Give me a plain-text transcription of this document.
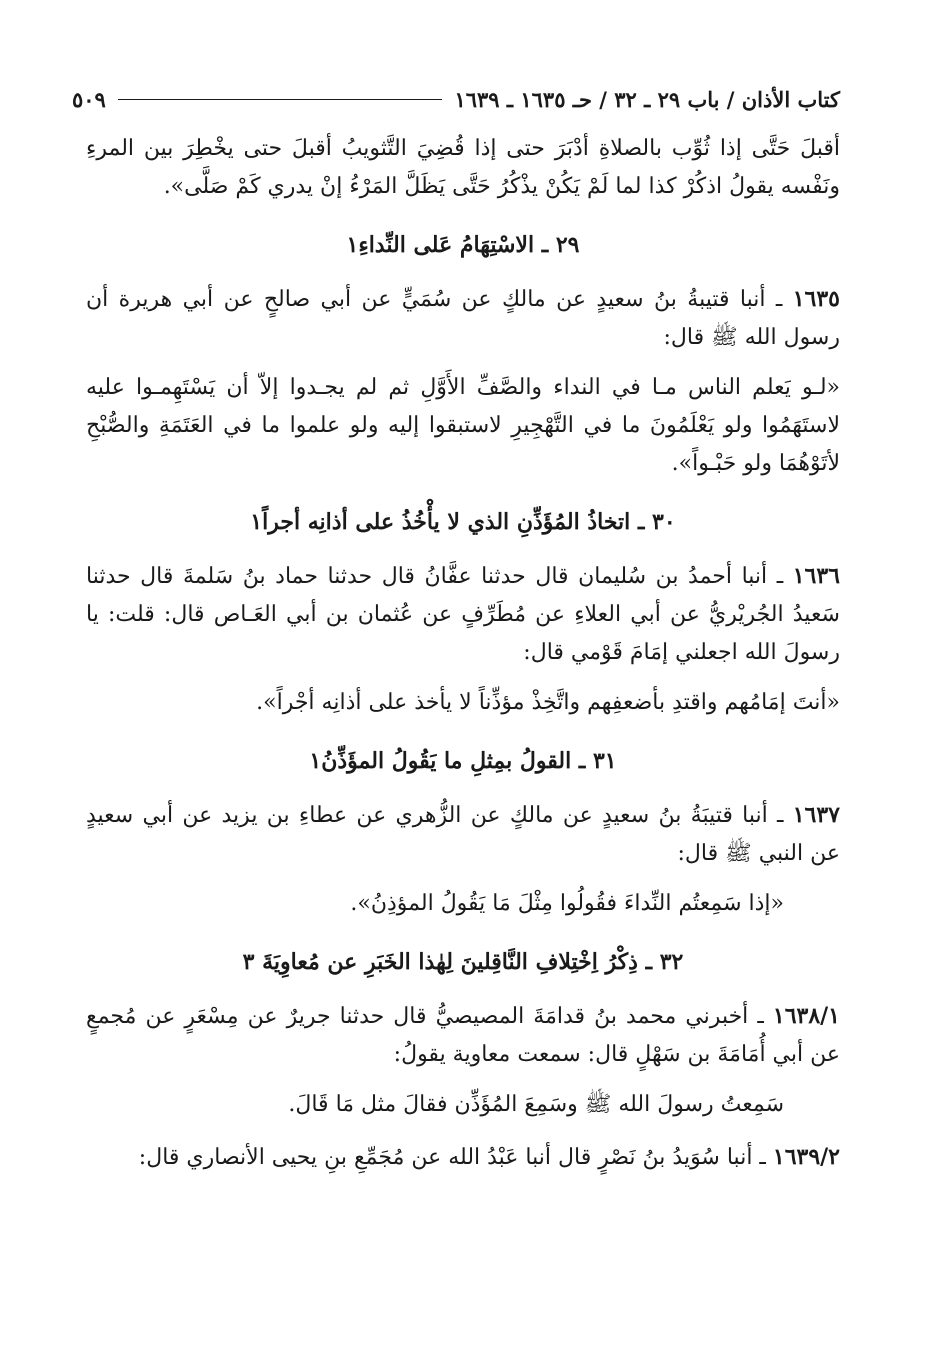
٥٠٩	كتاب الأذان / باب ٢٩ ـ ٣٢ / حـ ١٦٣٥ ـ ١٦٣٩

أقبلَ حَتَّى إذا ثُوِّب بالصلاةِ أدْبَرَ حتى إذا قُضِيَ التَّثويبُ أقبلَ حتى يخْطِرَ بين المرءِ ونَفْسه يقولُ اذكُرْ كذا لما لَمْ يَكُنْ يذْكُرُ حَتَّى يَظَلَّ المَرْءُ إنْ يدري كَمْ صَلَّى».

٢٩ ـ الاسْتِهَامُ عَلى النِّداءِ١

١٦٣٥ ـ أنبا قتيبةُ بنُ سعيدٍ عن مالكٍ عن سُمَيٍّ عن أبي صالحٍ عن أبي هريرة أن رسول الله ﷺ قال:

«لـو يَعلم الناس مـا في النداء والصَّفِّ الأَوَّلِ ثم لم يجـدوا إلاّ أن يَسْتَهِمـوا عليه لاستَهَمُوا ولو يَعْلَمُونَ ما في التَّهْجِيرِ لاستبقوا إليه ولو علموا ما في العَتَمَةِ والصُّبْحِ لأتَوْهُمَا ولو حَبْـواً».

٣٠ ـ اتخاذُ المُؤَذِّنِ الذي لا يأْخُذُ على أذانِه أجراً١

١٦٣٦ ـ أنبا أحمدُ بن سُليمان قال حدثنا عفَّانُ قال حدثنا حماد بنُ سَلمةَ قال حدثنا سَعيدُ الجُريْريُّ عن أبي العلاءِ عن مُطَرِّفٍ عن عُثمان بن أبي العَـاص قال: قلت: يا رسولَ الله اجعلني إمَامَ قَوْمي قال:

«أنتَ إمَامُهم واقتدِ بأضعفِهم واتَّخِذْ مؤذِّناً لا يأخذ على أذانِه أجْراً».

٣١ ـ القولُ بمِثلِ ما يَقُولُ المؤَذِّنُ١

١٦٣٧ ـ أنبا قتيبَةُ بنُ سعيدٍ عن مالكٍ عن الزُّهري عن عطاءِ بن يزيد عن أبي سعيدٍ عن النبي ﷺ قال:

«إذا سَمِعتُم النِّداءَ فقُولُوا مِثْلَ مَا يَقُولُ المؤذِنُ».

٣٢ ـ ذِكْرُ اِخْتِلافِ النَّاقِلينَ لِهٰذا الخَبَرِ عن مُعاوِيَةَ ٣

١٦٣٨/١ ـ أخبرني محمد بنُ قدامَةَ المصيصيُّ قال حدثنا جريرٌ عن مِسْعَرٍ عن مُجمعٍ عن أبي أُمَامَةَ بن سَهْلٍ قال: سمعت معاوية يقولُ:

سَمِعتُ رسولَ الله ﷺ وسَمِعَ المُؤَذِّن فقالَ مثل مَا قَالَ.

١٦٣٩/٢ ـ أنبا سُوَيدُ بنُ نَصْرٍ قال أنبا عَبْدُ الله عن مُجَمِّعِ بنِ يحيى الأنصاري قال:
